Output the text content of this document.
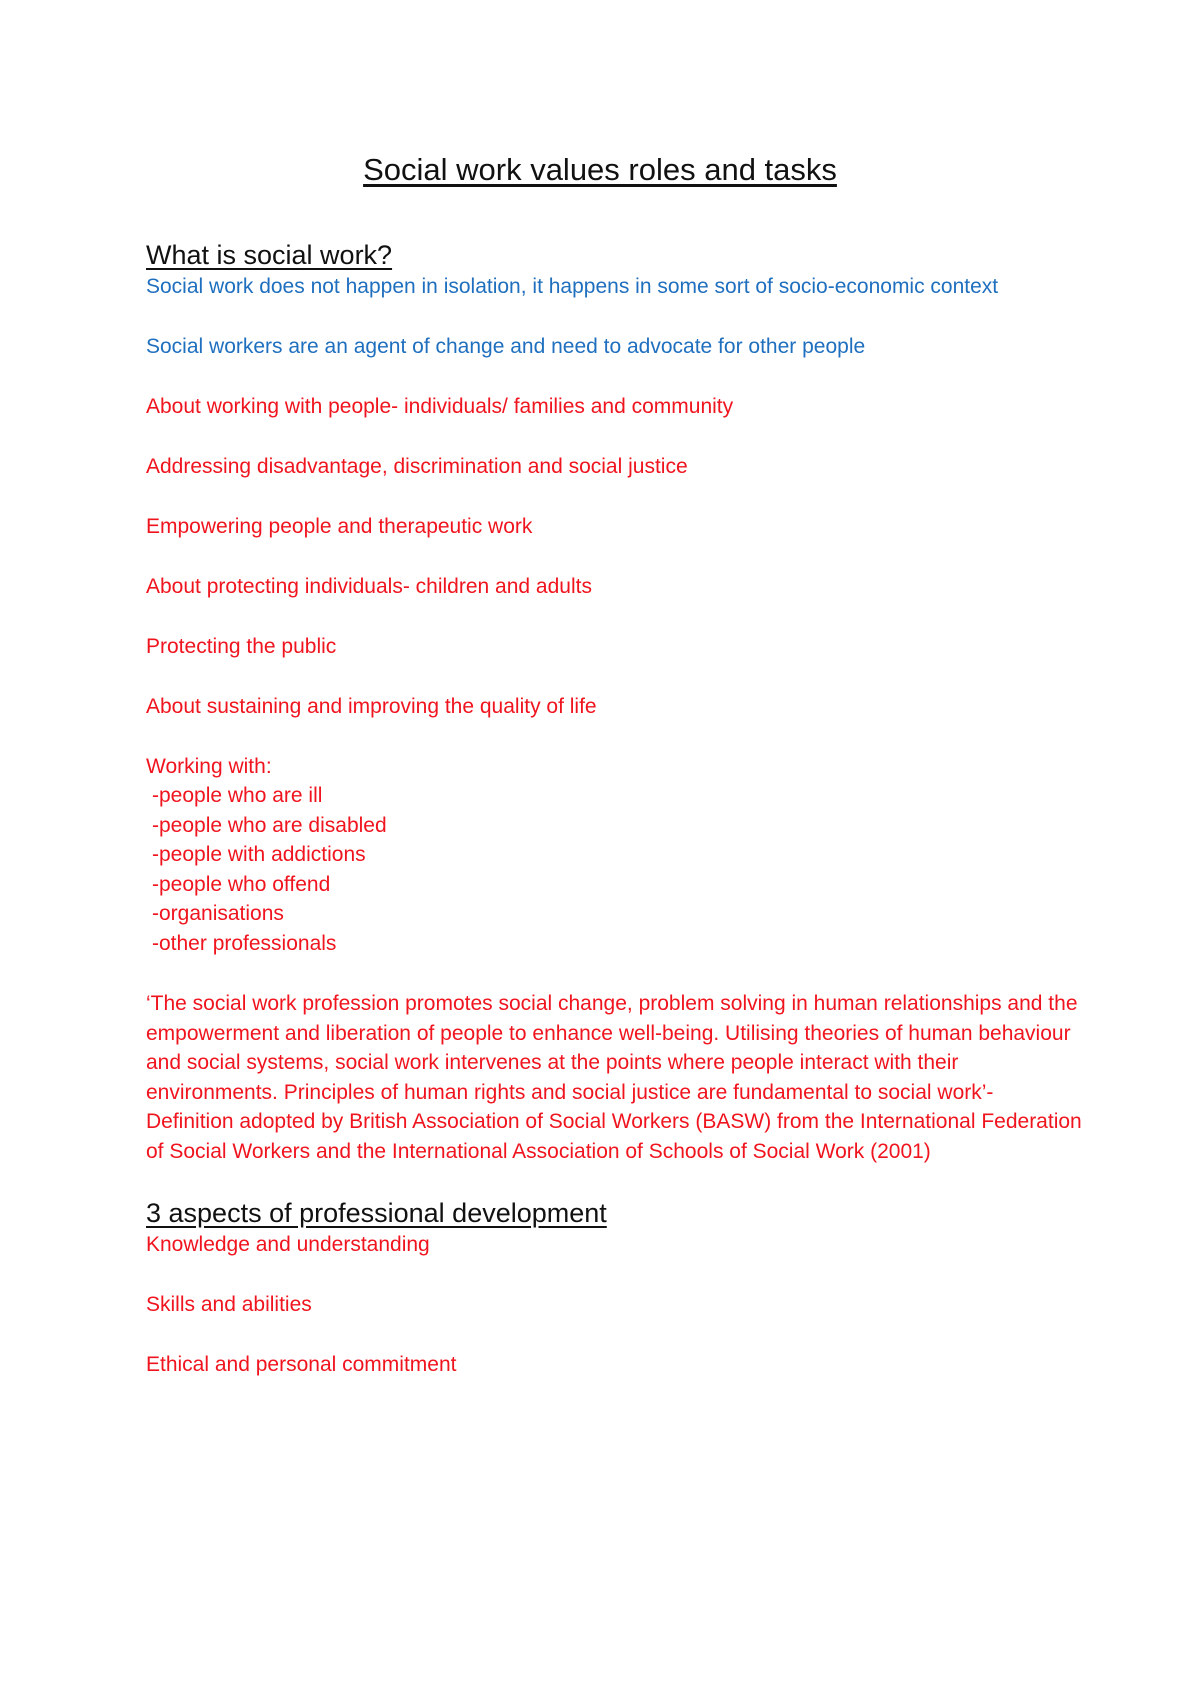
Social work values roles and tasks
What is social work?

Social work does not happen in isolation, it happens in some sort of socio-economic context

Social workers are an agent of change and need to advocate for other people

About working with people- individuals/ families and community

Addressing disadvantage, discrimination and social justice

Empowering people and therapeutic work

About protecting individuals- children and adults

Protecting the public

About sustaining and improving the quality of life

Working with:

-people who are ill

-people who are disabled

-people with addictions

-people who offend

-organisations

-other professionals

‘The social work profession promotes social change, problem solving in human relationships and the empowerment and liberation of people to enhance well-being. Utilising theories of human behaviour and social systems, social work intervenes at the points where people interact with their environments. Principles of human rights and social justice are fundamental to social work’- Definition adopted by British Association of Social Workers (BASW) from the International Federation of Social Workers and the International Association of Schools of Social Work (2001)

3 aspects of professional development

Knowledge and understanding

Skills and abilities

Ethical and personal commitment
